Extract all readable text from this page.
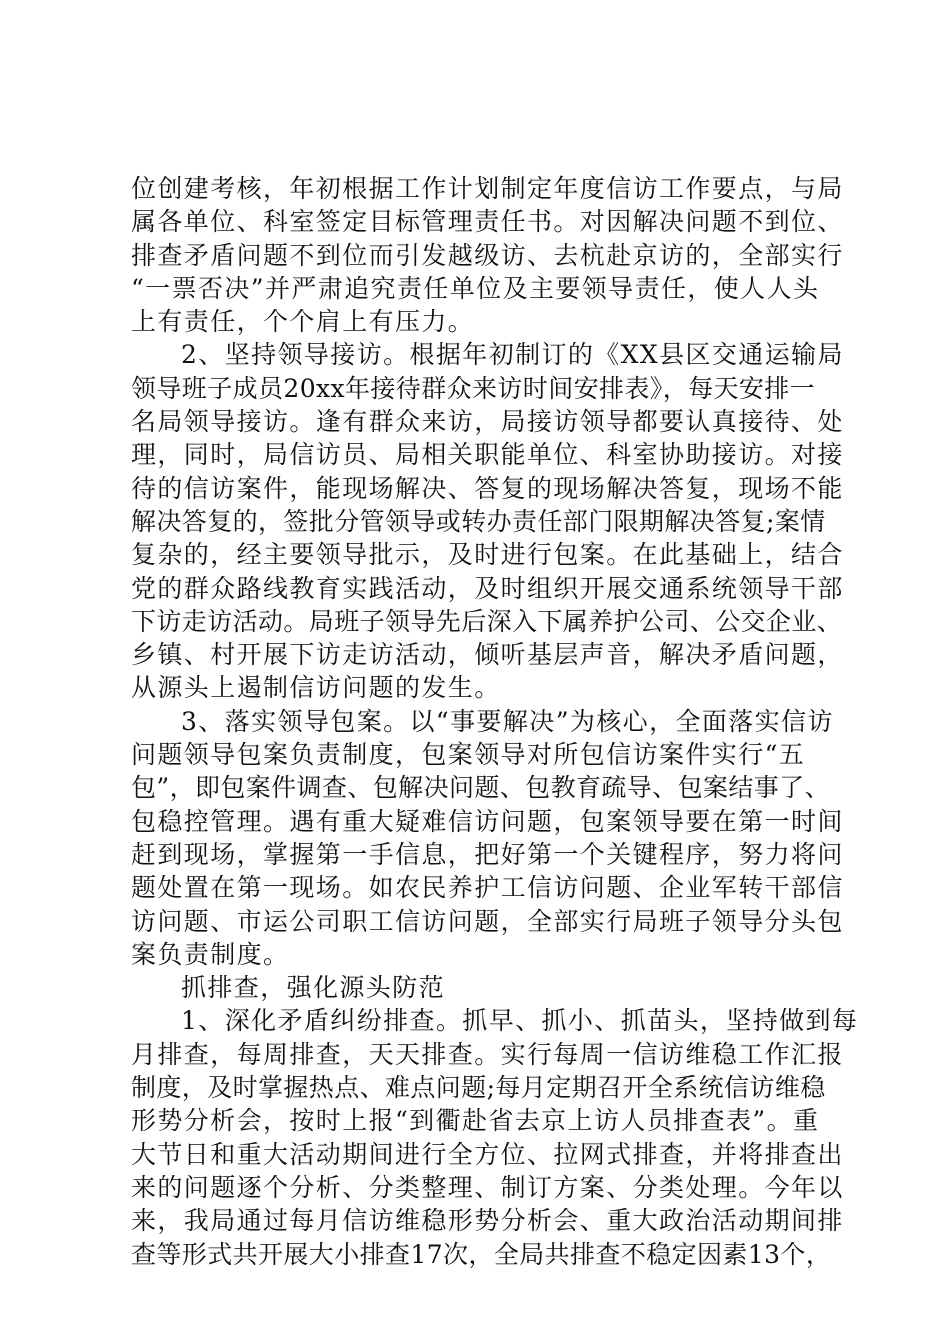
位创建考核，年初根据工作计划制定年度信访工作要点，与局
属各单位、科室签定目标管理责任书。对因解决问题不到位、
排查矛盾问题不到位而引发越级访、去杭赴京访的，全部实行
“一票否决”并严肃追究责任单位及主要领导责任，使人人头
上有责任，个个肩上有压力。
2、坚持领导接访。根据年初制订的《XX县区交通运输局
领导班子成员20xx年接待群众来访时间安排表》，每天安排一
名局领导接访。逢有群众来访，局接访领导都要认真接待、处
理，同时，局信访员、局相关职能单位、科室协助接访。对接
待的信访案件，能现场解决、答复的现场解决答复，现场不能
解决答复的，签批分管领导或转办责任部门限期解决答复;案情
复杂的，经主要领导批示，及时进行包案。在此基础上，结合
党的群众路线教育实践活动，及时组织开展交通系统领导干部
下访走访活动。局班子领导先后深入下属养护公司、公交企业、
乡镇、村开展下访走访活动，倾听基层声音，解决矛盾问题，
从源头上遏制信访问题的发生。
3、落实领导包案。以“事要解决”为核心，全面落实信访
问题领导包案负责制度，包案领导对所包信访案件实行“五
包”，即包案件调查、包解决问题、包教育疏导、包案结事了、
包稳控管理。遇有重大疑难信访问题，包案领导要在第一时间
赶到现场，掌握第一手信息，把好第一个关键程序，努力将问
题处置在第一现场。如农民养护工信访问题、企业军转干部信
访问题、市运公司职工信访问题，全部实行局班子领导分头包
案负责制度。
抓排查，强化源头防范
1、深化矛盾纠纷排查。抓早、抓小、抓苗头，坚持做到每
月排查，每周排查，天天排查。实行每周一信访维稳工作汇报
制度，及时掌握热点、难点问题;每月定期召开全系统信访维稳
形势分析会，按时上报“到衢赴省去京上访人员排查表”。重
大节日和重大活动期间进行全方位、拉网式排查，并将排查出
来的问题逐个分析、分类整理、制订方案、分类处理。今年以
来，我局通过每月信访维稳形势分析会、重大政治活动期间排
查等形式共开展大小排查17次，全局共排查不稳定因素13个，
